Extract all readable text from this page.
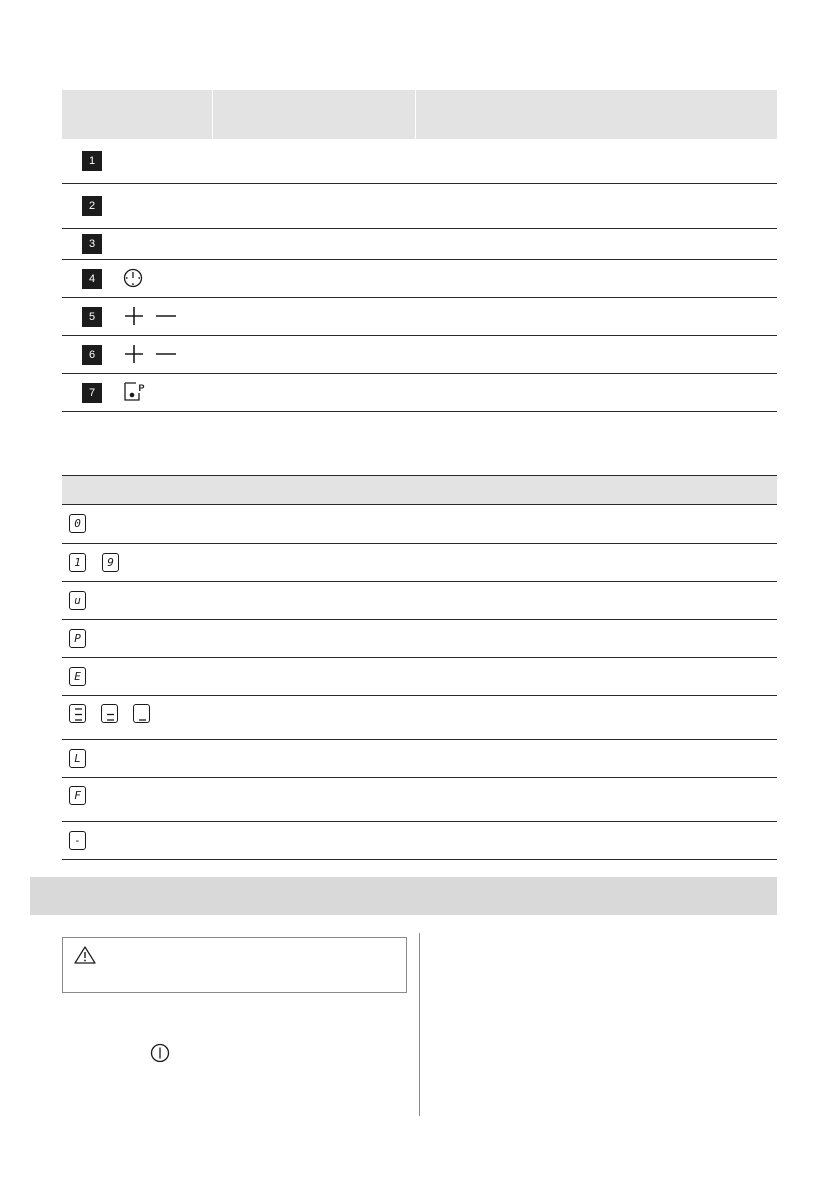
1
2
3
4
5
6
7	P
0
1	9
u
P
E
L
F
-
